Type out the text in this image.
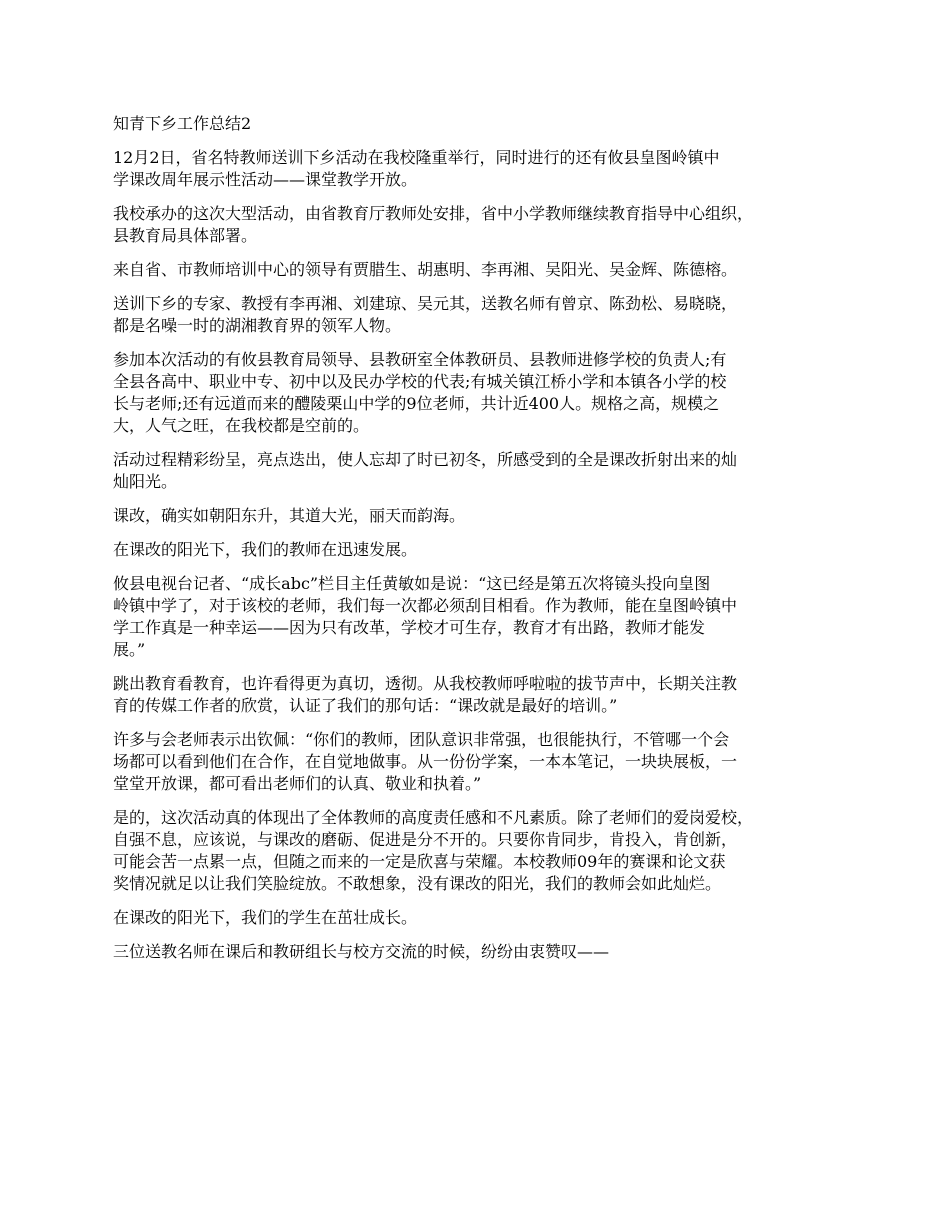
知青下乡工作总结2
12月2日，省名特教师送训下乡活动在我校隆重举行，同时进行的还有攸县皇图岭镇中
学课改周年展示性活动——课堂教学开放。
我校承办的这次大型活动，由省教育厅教师处安排，省中小学教师继续教育指导中心组织，
县教育局具体部署。
来自省、市教师培训中心的领导有贾腊生、胡惠明、李再湘、吴阳光、吴金辉、陈德榕。
送训下乡的专家、教授有李再湘、刘建琼、吴元其，送教名师有曾京、陈劲松、易晓晓，
都是名噪一时的湖湘教育界的领军人物。
参加本次活动的有攸县教育局领导、县教研室全体教研员、县教师进修学校的负责人;有
全县各高中、职业中专、初中以及民办学校的代表;有城关镇江桥小学和本镇各小学的校
长与老师;还有远道而来的醴陵栗山中学的9位老师，共计近400人。规格之高，规模之
大，人气之旺，在我校都是空前的。
活动过程精彩纷呈，亮点迭出，使人忘却了时已初冬，所感受到的全是课改折射出来的灿
灿阳光。
课改，确实如朝阳东升，其道大光，丽天而韵海。
在课改的阳光下，我们的教师在迅速发展。
攸县电视台记者、“成长abc”栏目主任黄敏如是说：“这已经是第五次将镜头投向皇图
岭镇中学了，对于该校的老师，我们每一次都必须刮目相看。作为教师，能在皇图岭镇中
学工作真是一种幸运——因为只有改革，学校才可生存，教育才有出路，教师才能发
展。”
跳出教育看教育，也许看得更为真切，透彻。从我校教师呼啦啦的拔节声中，长期关注教
育的传媒工作者的欣赏，认证了我们的那句话：“课改就是最好的培训。”
许多与会老师表示出钦佩：“你们的教师，团队意识非常强，也很能执行，不管哪一个会
场都可以看到他们在合作，在自觉地做事。从一份份学案，一本本笔记，一块块展板，一
堂堂开放课，都可看出老师们的认真、敬业和执着。”
是的，这次活动真的体现出了全体教师的高度责任感和不凡素质。除了老师们的爱岗爱校，
自强不息，应该说，与课改的磨砺、促进是分不开的。只要你肯同步，肯投入，肯创新，
可能会苦一点累一点，但随之而来的一定是欣喜与荣耀。本校教师09年的赛课和论文获
奖情况就足以让我们笑脸绽放。不敢想象，没有课改的阳光，我们的教师会如此灿烂。
在课改的阳光下，我们的学生在茁壮成长。
三位送教名师在课后和教研组长与校方交流的时候，纷纷由衷赞叹——
